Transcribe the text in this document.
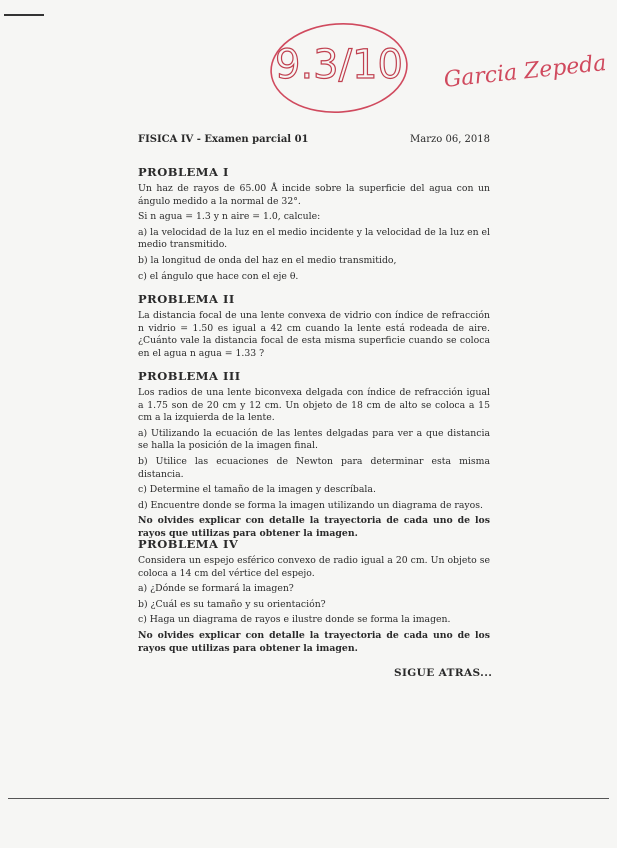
9.3/10 Garcia Zepeda
FISICA IV - Examen parcial 01	Marzo 06, 2018
PROBLEMA I

Un haz de rayos de 65.00 Å incide sobre la superficie del agua con un ángulo medido a la normal de 32°.

Si n agua = 1.3 y n aire = 1.0, calcule:

a) la velocidad de la luz en el medio incidente y la velocidad de la luz en el medio transmitido.

b) la longitud de onda del haz en el medio transmitido,

c) el ángulo que hace con el eje θ.

PROBLEMA II

La distancia focal de una lente convexa de vidrio con índice de refracción n vidrio = 1.50 es igual a 42 cm cuando la lente está rodeada de aire. ¿Cuánto vale la distancia focal de esta misma superficie cuando se coloca en el agua n agua = 1.33 ?

PROBLEMA III

Los radios de una lente biconvexa delgada con índice de refracción igual a 1.75 son de 20 cm y 12 cm. Un objeto de 18 cm de alto se coloca a 15 cm a la izquierda de la lente.

a) Utilizando la ecuación de las lentes delgadas para ver a que distancia se halla la posición de la imagen final.

b) Utilice las ecuaciones de Newton para determinar esta misma distancia.

c) Determine el tamaño de la imagen y descríbala.

d) Encuentre donde se forma la imagen utilizando un diagrama de rayos.

No olvides explicar con detalle la trayectoria de cada uno de los rayos que utilizas para obtener la imagen.

PROBLEMA IV

Considera un espejo esférico convexo de radio igual a 20 cm. Un objeto se coloca a 14 cm del vértice del espejo.

a) ¿Dónde se formará la imagen?

b) ¿Cuál es su tamaño y su orientación?

c) Haga un diagrama de rayos e ilustre donde se forma la imagen.

No olvides explicar con detalle la trayectoria de cada uno de los rayos que utilizas para obtener la imagen.

SIGUE ATRAS...
